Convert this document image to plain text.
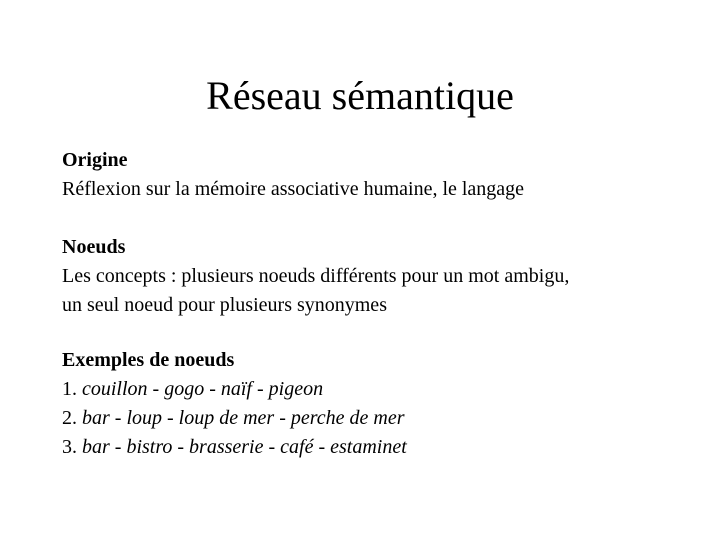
Réseau sémantique
Origine
Réflexion sur la mémoire associative humaine, le langage
Noeuds
Les concepts : plusieurs noeuds différents pour un mot ambigu,
un seul noeud pour plusieurs synonymes
Exemples de noeuds
1. couillon - gogo - naïf - pigeon
2. bar - loup - loup de mer - perche de mer
3. bar - bistro - brasserie - café - estaminet
